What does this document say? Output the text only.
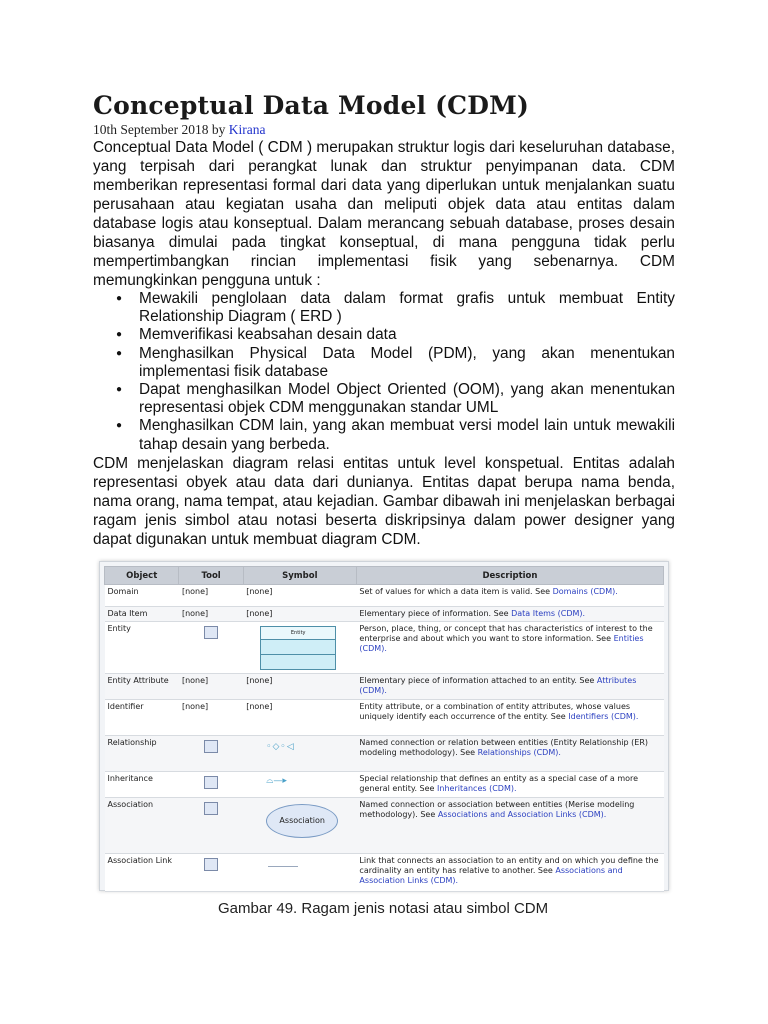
Conceptual Data Model (CDM)
10th September 2018 by Kirana

Conceptual Data Model ( CDM ) merupakan struktur logis dari keseluruhan database, yang terpisah dari perangkat lunak dan struktur penyimpanan data. CDM memberikan representasi formal dari data yang diperlukan untuk menjalankan suatu perusahaan atau kegiatan usaha dan meliputi objek data atau entitas dalam database logis atau konseptual. Dalam merancang sebuah database, proses desain biasanya dimulai pada tingkat konseptual, di mana pengguna tidak perlu mempertimbangkan rincian implementasi fisik yang sebenarnya. CDM memungkinkan pengguna untuk :

● Mewakili penglolaan data dalam format grafis untuk membuat Entity Relationship Diagram ( ERD )
● Memverifikasi keabsahan desain data
● Menghasilkan Physical Data Model (PDM), yang akan menentukan implementasi fisik database
● Dapat menghasilkan Model Object Oriented (OOM), yang akan menentukan representasi objek CDM menggunakan standar UML
● Menghasilkan CDM lain, yang akan membuat versi model lain untuk mewakili tahap desain yang berbeda.

CDM menjelaskan diagram relasi entitas untuk level konspetual. Entitas adalah representasi obyek atau data dari dunianya. Entitas dapat berupa nama benda, nama orang, nama tempat, atau kejadian. Gambar dibawah ini menjelaskan berbagai ragam jenis simbol atau notasi beserta diskripsinya dalam power designer yang dapat digunakan untuk membuat diagram CDM.

Object	Tool	Symbol	Description
Domain	[none]	[none]	Set of values for which a data item is valid. See Domains (CDM).
Data Item	[none]	[none]	Elementary piece of information. See Data Items (CDM).
Entity		Entity	Person, place, thing, or concept that has characteristics of interest to the enterprise and about which you want to store information. See Entities (CDM).
Entity Attribute	[none]	[none]	Elementary piece of information attached to an entity. See Attributes (CDM).
Identifier	[none]	[none]	Entity attribute, or a combination of entity attributes, whose values uniquely identify each occurrence of the entity. See Identifiers (CDM).
Relationship		◦◇◦◁	Named connection or relation between entities (Entity Relationship (ER) modeling methodology). See Relationships (CDM).
Inheritance		⌓—▸	Special relationship that defines an entity as a special case of a more general entity. See Inheritances (CDM).
Association		Association	Named connection or association between entities (Merise modeling methodology). See Associations and Association Links (CDM).
Association Link			Link that connects an association to an entity and on which you define the cardinality an entity has relative to another. See Associations and Association Links (CDM).
Gambar 49. Ragam jenis notasi atau simbol CDM
